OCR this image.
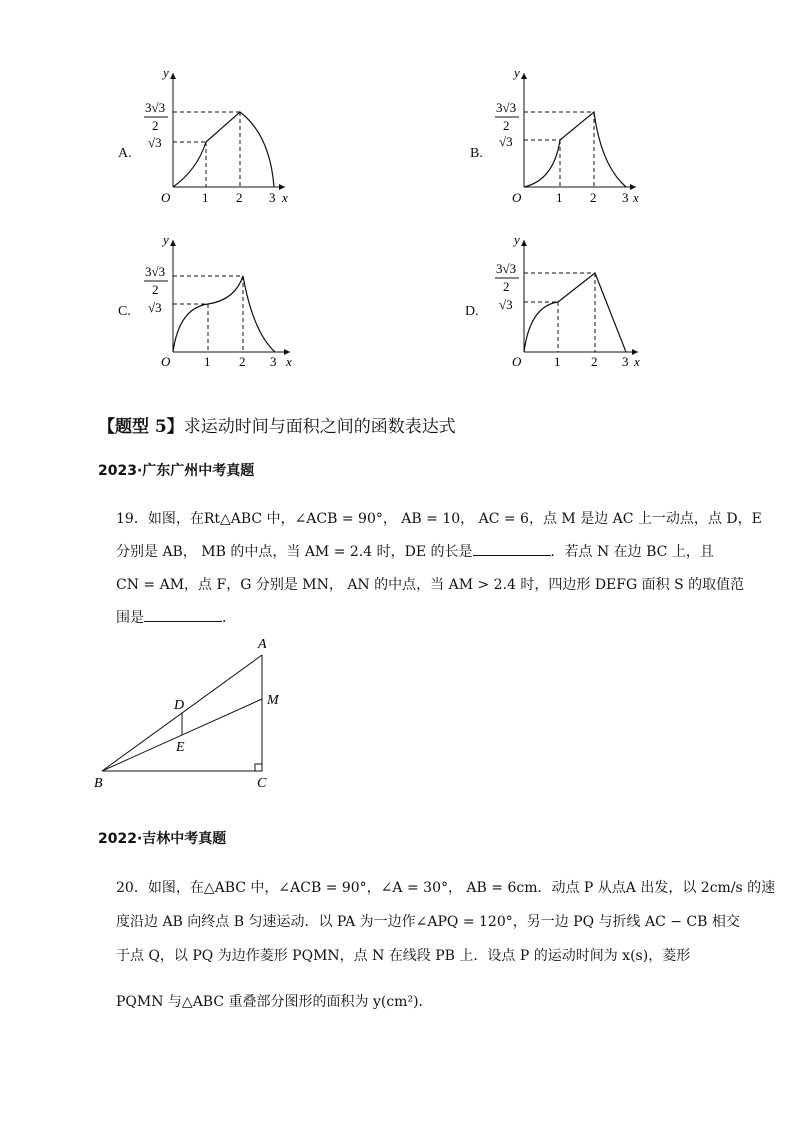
A.	B.
C.	D.
y
x
O 1 2 3
3√3
2
√3
y
x
O	1 2 3
3√3
2
√3
y
x
O	1 2 3
3√3
2
√3
y
x
O	1 2 3
3√3
2
√3
【题型 5】求运动时间与面积之间的函数表达式
2023·广东广州中考真题
19．如图，在Rt△ABC 中，∠ACB = 90°， AB = 10， AC = 6，点 M 是边 AC 上一动点，点 D，E
分别是 AB， MB 的中点，当 AM = 2.4 时，DE 的长是	．若点 N 在边 BC 上，且
CN = AM，点 F，G 分别是 MN， AN 的中点，当 AM > 2.4 时，四边形 DEFG 面积 S 的取值范
围是	．
A
M
D
E
B	C
2022·吉林中考真题
20．如图，在△ABC 中，∠ACB = 90°，∠A = 30°， AB = 6cm．动点 P 从点A 出发，以 2cm/s 的速
度沿边 AB 向终点 B 匀速运动．以 PA 为一边作∠APQ = 120°，另一边 PQ 与折线 AC − CB 相交
于点 Q，以 PQ 为边作菱形 PQMN，点 N 在线段 PB 上．设点 P 的运动时间为 x(s)，菱形
PQMN 与△ABC 重叠部分图形的面积为 y(cm²)．
